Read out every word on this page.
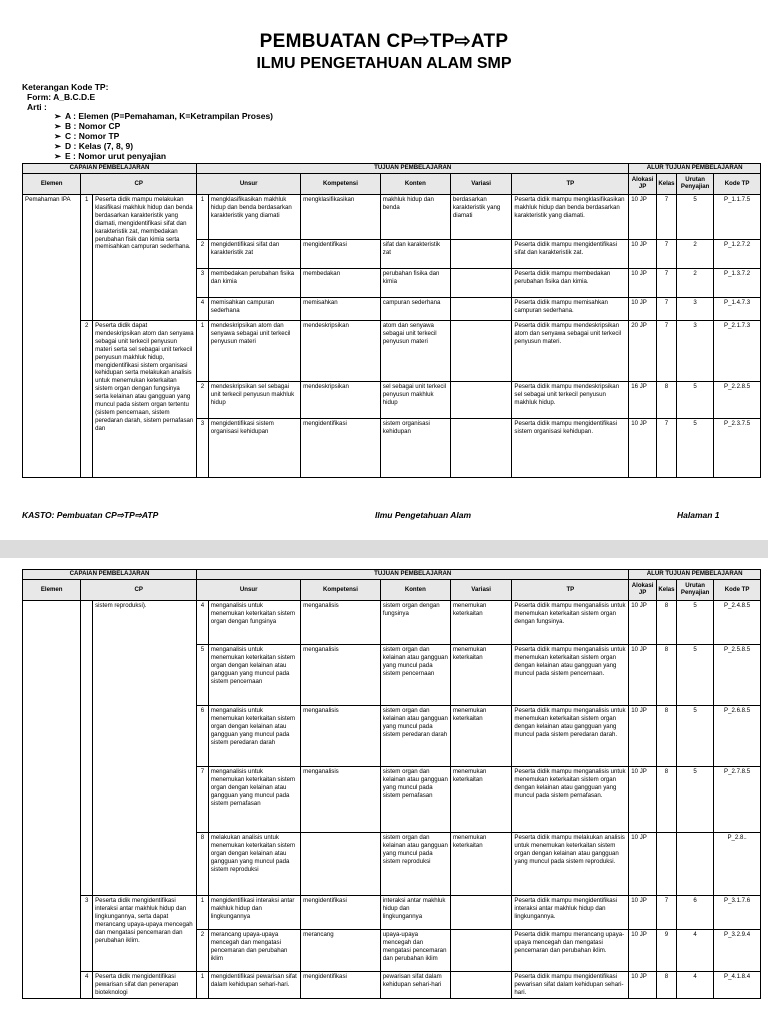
PEMBUATAN CP⇨TP⇨ATP
ILMU PENGETAHUAN ALAM SMP
Keterangan Kode TP:
Form: A_B.C.D.E
Arti :
➢ A : Elemen (P=Pemahaman, K=Ketrampilan Proses)
➢ B : Nomor CP
➢ C : Nomor TP
➢ D : Kelas (7, 8, 9)
➢ E : Nomor urut penyajian
CAPAIAN PEMBELAJARAN			TUJUAN PEMBELAJARAN						ALUR TUJUAN PEMBELAJARAN			
Elemen	CP		Unsur		Kompetensi	Konten	Variasi	TP	Alokasi JP	Kelas	Urutan Penyajian	Kode TP
Pemahaman IPA	1	Peserta didik mampu melakukan klasifikasi makhluk hidup dan benda berdasarkan karakteristik yang diamati, mengidentifikasi sifat dan karakteristik zat, membedakan perubahan fisik dan kimia serta memisahkan campuran sederhana.	1	mengklasifikasikan makhluk hidup dan benda berdasarkan karakteristik yang diamati	mengklasifikasikan	makhluk hidup dan benda	berdasarkan karakteristik yang diamati	Peserta didik mampu mengklasifikasikan makhluk hidup dan benda berdasarkan karakteristik yang diamati.	10 JP	7	5	P_1.1.7.5
			2	mengidentifikasi sifat dan karakteristik zat	mengidentifikasi	sifat dan karakteristik zat		Peserta didik mampu mengidentifikasi sifat dan karakteristik zat.	10 JP	7	2	P_1.2.7.2
			3	membedakan perubahan fisika dan kimia	membedakan	perubahan fisika dan kimia		Peserta didik mampu membedakan perubahan fisika dan kimia.	10 JP	7	2	P_1.3.7.2
			4	memisahkan campuran sederhana	memisahkan	campuran sederhana		Peserta didik mampu memisahkan campuran sederhana.	10 JP	7	3	P_1.4.7.3
	2	Peserta didik dapat mendeskripsikan atom dan senyawa sebagai unit terkecil penyusun materi serta sel sebagai unit terkecil penyusun makhluk hidup, mengidentifikasi sistem organisasi kehidupan serta melakukan analisis untuk menemukan keterkaitan sistem organ dengan fungsinya serta kelainan atau gangguan yang muncul pada sistem organ tertentu (sistem pencernaan, sistem peredaran darah, sistem pernafasan dan	1	mendeskripsikan atom dan senyawa sebagai unit terkecil penyusun materi	mendeskripsikan	atom dan senyawa sebagai unit terkecil penyusun materi		Peserta didik mampu mendeskripsikan atom dan senyawa sebagai unit terkecil penyusun materi.	20 JP	7	3	P_2.1.7.3
			2	mendeskripsikan sel sebagai unit terkecil penyusun makhluk hidup	mendeskripsikan	sel sebagai unit terkecil penyusun makhluk hidup		Peserta didik mampu mendeskripsikan sel sebagai unit terkecil penyusun makhluk hidup.	16 JP	8	5	P_2.2.8.5
			3	mengidentifikasi sistem organisasi kehidupan	mengidentifikasi	sistem organisasi kehidupan		Peserta didik mampu mengidentifikasi sistem organisasi kehidupan.	10 JP	7	5	P_2.3.7.5
KASTO: Pembuatan CP⇨TP⇨ATP	Ilmu Pengetahuan Alam	Halaman 1
CAPAIAN PEMBELAJARAN			TUJUAN PEMBELAJARAN						ALUR TUJUAN PEMBELAJARAN			
Elemen	CP		Unsur		Kompetensi	Konten	Variasi	TP	Alokasi JP	Kelas	Urutan Penyajian	Kode TP
		sistem reproduksi).	4	menganalisis untuk menemukan keterkaitan sistem organ dengan fungsinya	menganalisis	sistem organ dengan fungsinya	menemukan keterkaitan	Peserta didik mampu menganalisis untuk menemukan keterkaitan sistem organ dengan fungsinya.	10 JP	8	5	P_2.4.8.5
			5	menganalisis untuk menemukan keterkaitan sistem organ dengan kelainan atau gangguan yang muncul pada sistem pencernaan	menganalisis	sistem organ dan kelainan atau gangguan yang muncul pada sistem pencernaan	menemukan keterkaitan	Peserta didik mampu menganalisis untuk menemukan keterkaitan sistem organ dengan kelainan atau gangguan yang muncul pada sistem pencernaan.	10 JP	8	5	P_2.5.8.5
			6	menganalisis untuk menemukan keterkaitan sistem organ dengan kelainan atau gangguan yang muncul pada sistem peredaran darah	menganalisis	sistem organ dan kelainan atau gangguan yang muncul pada sistem peredaran darah	menemukan keterkaitan	Peserta didik mampu menganalisis untuk menemukan keterkaitan sistem organ dengan kelainan atau gangguan yang muncul pada sistem peredaran darah.	10 JP	8	5	P_2.6.8.5
			7	menganalisis untuk menemukan keterkaitan sistem organ dengan kelainan atau gangguan yang muncul pada sistem pernafasan	menganalisis	sistem organ dan kelainan atau gangguan yang muncul pada sistem pernafasan	menemukan keterkaitan	Peserta didik mampu menganalisis untuk menemukan keterkaitan sistem organ dengan kelainan atau gangguan yang muncul pada sistem pernafasan.	10 JP	8	5	P_2.7.8.5
			8	melakukan analisis untuk menemukan keterkaitan sistem organ dengan kelainan atau gangguan yang muncul pada sistem reproduksi		sistem organ dan kelainan atau gangguan yang muncul pada sistem reproduksi	menemukan keterkaitan	Peserta didik mampu melakukan analisis untuk menemukan keterkaitan sistem organ dengan kelainan atau gangguan yang muncul pada sistem reproduksi.	10 JP			P_2.8..
	3	Peserta didik mengidentifikasi interaksi antar makhluk hidup dan lingkungannya, serta dapat merancang upaya-upaya mencegah dan mengatasi pencemaran dan perubahan iklim.	1	mengidentifikasi interaksi antar makhluk hidup dan lingkungannya	mengidentifikasi	interaksi antar makhluk hidup dan lingkungannya		Peserta didik mampu mengidentifikasi interaksi antar makhluk hidup dan lingkungannya.	10 JP	7	6	P_3.1.7.6
			2	merancang upaya-upaya mencegah dan mengatasi pencemaran dan perubahan iklim	merancang	upaya-upaya mencegah dan mengatasi pencemaran dan perubahan iklim		Peserta didik mampu merancang upaya-upaya mencegah dan mengatasi pencemaran dan perubahan iklim.	10 JP	9	4	P_3.2.9.4
	4	Peserta didik mengidentifikasi pewarisan sifat dan penerapan bioteknologi	1	mengidentifikasi pewarisan sifat dalam kehidupan sehari-hari.	mengidentifikasi	pewarisan sifat dalam kehidupan sehari-hari		Peserta didik mampu mengidentifikasi pewarisan sifat dalam kehidupan sehari-hari.	10 JP	8	4	P_4.1.8.4
